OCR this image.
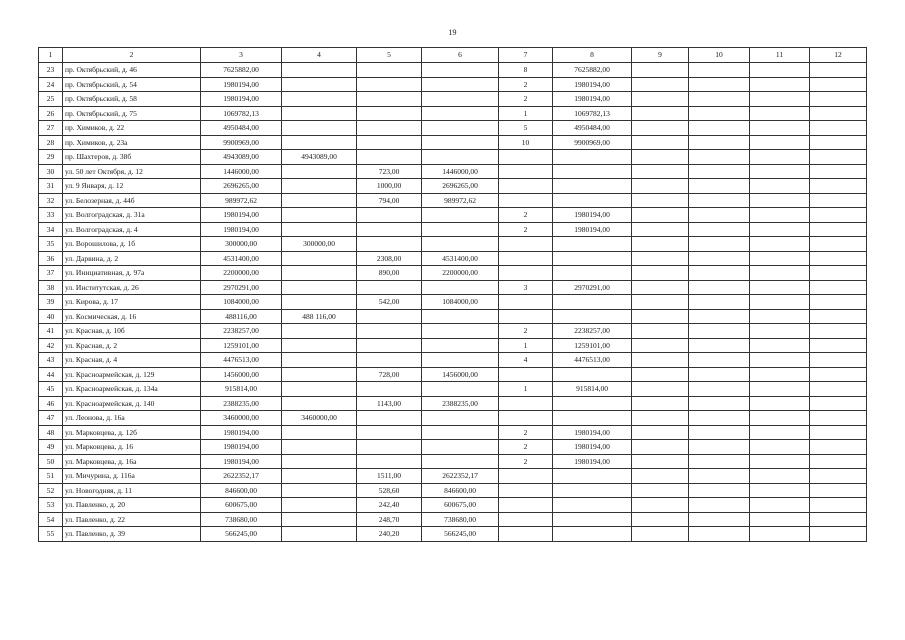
19
1	2	3	4	5	6	7	8	9	10	11	12
23	пр. Октябрьский, д. 46	7625882,00				8	7625882,00				
24	пр. Октябрьский, д. 54	1980194,00				2	1980194,00				
25	пр. Октябрьский, д. 58	1980194,00				2	1980194,00				
26	пр. Октябрьский, д. 75	1069782,13				1	1069782,13				
27	пр. Химиков, д. 22	4950484,00				5	4950484,00				
28	пр. Химиков, д. 23а	9900969,00				10	9900969,00				
29	пр. Шахтеров, д. 38б	4943089,00	4943089,00								
30	ул. 50 лет Октября, д. 12	1446000,00		723,00	1446000,00						
31	ул. 9 Января, д. 12	2696265,00		1000,00	2696265,00						
32	ул. Белозерная, д. 44б	989972,62		794,00	989972,62						
33	ул. Волгоградская, д. 31а	1980194,00				2	1980194,00				
34	ул. Волгоградская, д. 4	1980194,00				2	1980194,00				
35	ул. Ворошилова, д. 1б	300000,00	300000,00								
36	ул. Дарвина, д. 2	4531400,00		2308,00	4531400,00						
37	ул. Инициативная, д. 97а	2200000,00		890,00	2200000,00						
38	ул. Институтская, д. 26	2970291,00				3	2970291,00				
39	ул. Кирова, д. 17	1084000,00		542,00	1084000,00						
40	ул. Космическая, д. 16	488116,00	488 116,00								
41	ул. Красная, д. 10б	2238257,00				2	2238257,00				
42	ул. Красная, д. 2	1259101,00				1	1259101,00				
43	ул. Красная, д. 4	4476513,00				4	4476513,00				
44	ул. Красноармейская, д. 129	1456000,00		728,00	1456000,00						
45	ул. Красноармейская, д. 134а	915814,00				1	915814,00				
46	ул. Красноармейская, д. 140	2388235,00		1143,00	2388235,00						
47	ул. Леонова, д. 16а	3460000,00	3460000,00								
48	ул. Марковцева, д. 12б	1980194,00				2	1980194,00				
49	ул. Марковцева, д. 16	1980194,00				2	1980194,00				
50	ул. Марковцева, д. 16а	1980194,00				2	1980194,00				
51	ул. Мичурина, д. 116а	2622352,17		1511,00	2622352,17						
52	ул. Новогодняя, д. 11	846600,00		528,60	846600,00						
53	ул. Павленко, д. 20	600675,00		242,40	600675,00						
54	ул. Павленко, д. 22	738680,00		248,70	738680,00						
55	ул. Павленко, д. 39	566245,00		240,20	566245,00						
